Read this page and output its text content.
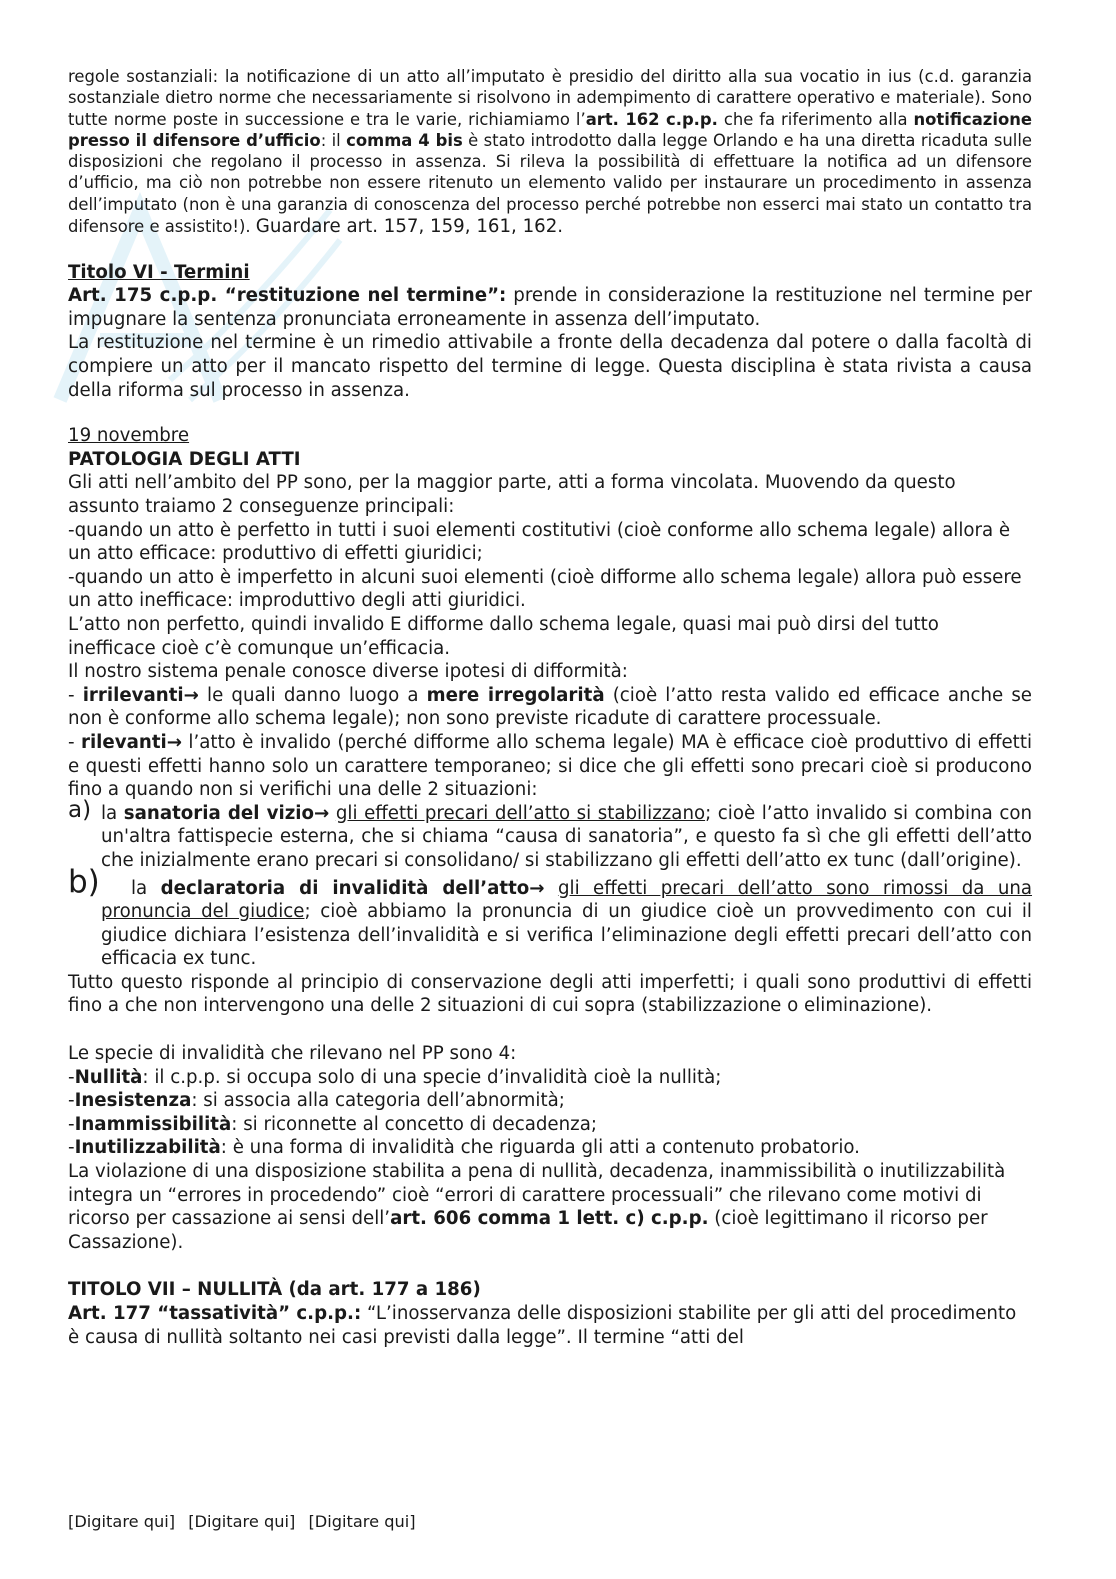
regole sostanziali: la notificazione di un atto all’imputato è presidio del diritto alla sua vocatio in ius (c.d. garanzia sostanziale dietro norme che necessariamente si risolvono in adempimento di carattere operativo e materiale). Sono tutte norme poste in successione e tra le varie, richiamiamo l’art. 162 c.p.p. che fa riferimento alla notificazione presso il difensore d’ufficio: il comma 4 bis è stato introdotto dalla legge Orlando e ha una diretta ricaduta sulle disposizioni che regolano il processo in assenza. Si rileva la possibilità di effettuare la notifica ad un difensore d’ufficio, ma ciò non potrebbe non essere ritenuto un elemento valido per instaurare un procedimento in assenza dell’imputato (non è una garanzia di conoscenza del processo perché potrebbe non esserci mai stato un contatto tra difensore e assistito!). Guardare art. 157, 159, 161, 162.

Titolo VI - Termini

Art. 175 c.p.p. “restituzione nel termine”: prende in considerazione la restituzione nel termine per impugnare la sentenza pronunciata erroneamente in assenza dell’imputato.

La restituzione nel termine è un rimedio attivabile a fronte della decadenza dal potere o dalla facoltà di compiere un atto per il mancato rispetto del termine di legge. Questa disciplina è stata rivista a causa della riforma sul processo in assenza.

19 novembre

PATOLOGIA DEGLI ATTI

Gli atti nell’ambito del PP sono, per la maggior parte, atti a forma vincolata. Muovendo da questo assunto traiamo 2 conseguenze principali:

-quando un atto è perfetto in tutti i suoi elementi costitutivi (cioè conforme allo schema legale) allora è un atto efficace: produttivo di effetti giuridici;

-quando un atto è imperfetto in alcuni suoi elementi (cioè difforme allo schema legale) allora può essere un atto inefficace: improduttivo degli atti giuridici.

L’atto non perfetto, quindi invalido E difforme dallo schema legale, quasi mai può dirsi del tutto inefficace cioè c’è comunque un’efficacia.

Il nostro sistema penale conosce diverse ipotesi di difformità:

- irrilevanti→ le quali danno luogo a mere irregolarità (cioè l’atto resta valido ed efficace anche se non è conforme allo schema legale); non sono previste ricadute di carattere processuale.

- rilevanti→ l’atto è invalido (perché difforme allo schema legale) MA è efficace cioè produttivo di effetti e questi effetti hanno solo un carattere temporaneo; si dice che gli effetti sono precari cioè si producono fino a quando non si verifichi una delle 2 situazioni:

a) la sanatoria del vizio→ gli effetti precari dell’atto si stabilizzano; cioè l’atto invalido si combina con un'altra fattispecie esterna, che si chiama “causa di sanatoria”, e questo fa sì che gli effetti dell’atto che inizialmente erano precari si consolidano/ si stabilizzano gli effetti dell’atto ex tunc (dall’origine).

b) la declaratoria di invalidità dell’atto→ gli effetti precari dell’atto sono rimossi da una pronuncia del giudice; cioè abbiamo la pronuncia di un giudice cioè un provvedimento con cui il giudice dichiara l’esistenza dell’invalidità e si verifica l’eliminazione degli effetti precari dell’atto con efficacia ex tunc.

Tutto questo risponde al principio di conservazione degli atti imperfetti; i quali sono produttivi di effetti fino a che non intervengono una delle 2 situazioni di cui sopra (stabilizzazione o eliminazione).

Le specie di invalidità che rilevano nel PP sono 4:

-Nullità: il c.p.p. si occupa solo di una specie d’invalidità cioè la nullità;

-Inesistenza: si associa alla categoria dell’abnormità;

-Inammissibilità: si riconnette al concetto di decadenza;

-Inutilizzabilità: è una forma di invalidità che riguarda gli atti a contenuto probatorio.

La violazione di una disposizione stabilita a pena di nullità, decadenza, inammissibilità o inutilizzabilità integra un “errores in procedendo” cioè “errori di carattere processuali” che rilevano come motivi di ricorso per cassazione ai sensi dell’art. 606 comma 1 lett. c) c.p.p. (cioè legittimano il ricorso per Cassazione).

TITOLO VII – NULLITÀ (da art. 177 a 186)

Art. 177 “tassatività” c.p.p.: “L’inosservanza delle disposizioni stabilite per gli atti del procedimento è causa di nullità soltanto nei casi previsti dalla legge”. Il termine “atti del

[Digitare qui] [Digitare qui] [Digitare qui]
